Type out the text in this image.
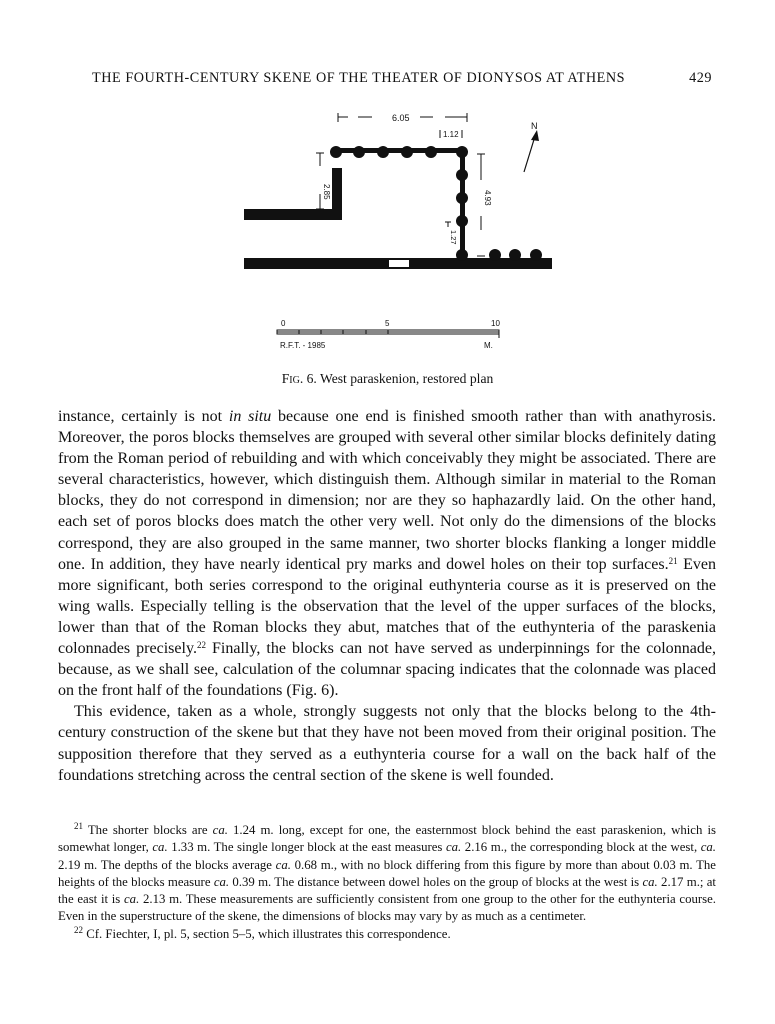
THE FOURTH-CENTURY SKENE OF THE THEATER OF DIONYSOS AT ATHENS	429
6.05
1.12
N
2.85	4.93
1.27
0	5	10
R.F.T. - 1985	M.
Fig. 6. West paraskenion, restored plan

instance, certainly is not in situ because one end is finished smooth rather than with anathyrosis. Moreover, the poros blocks themselves are grouped with several other similar blocks definitely dating from the Roman period of rebuilding and with which conceivably they might be associated. There are several characteristics, however, which distinguish them. Although similar in material to the Roman blocks, they do not correspond in dimension; nor are they so haphazardly laid. On the other hand, each set of poros blocks does match the other very well. Not only do the dimensions of the blocks correspond, they are also grouped in the same manner, two shorter blocks flanking a longer middle one. In addition, they have nearly identical pry marks and dowel holes on their top surfaces.$^{21}$ Even more significant, both series correspond to the original euthynteria course as it is preserved on the wing walls. Especially telling is the observation that the level of the upper surfaces of the blocks, lower than that of the Roman blocks they abut, matches that of the euthynteria of the paraskenia colonnades precisely.$^{22}$ Finally, the blocks can not have served as underpinnings for the colonnade, because, as we shall see, calculation of the columnar spacing indicates that the colonnade was placed on the front half of the foundations (Fig. 6).

This evidence, taken as a whole, strongly suggests not only that the blocks belong to the 4th-century construction of the skene but that they have not been moved from their original position. The supposition therefore that they served as a euthynteria course for a wall on the back half of the foundations stretching across the central section of the skene is well founded.

$^{21}$ The shorter blocks are ca. 1.24 m. long, except for one, the easternmost block behind the east paraskenion, which is somewhat longer, ca. 1.33 m. The single longer block at the east measures ca. 2.16 m., the corresponding block at the west, ca. 2.19 m. The depths of the blocks average ca. 0.68 m., with no block differing from this figure by more than about 0.03 m. The heights of the blocks measure ca. 0.39 m. The distance between dowel holes on the group of blocks at the west is ca. 2.17 m.; at the east it is ca. 2.13 m. These measurements are sufficiently consistent from one group to the other for the euthynteria course. Even in the superstructure of the skene, the dimensions of blocks may vary by as much as a centimeter.

$^{22}$ Cf. Fiechter, I, pl. 5, section 5–5, which illustrates this correspondence.
